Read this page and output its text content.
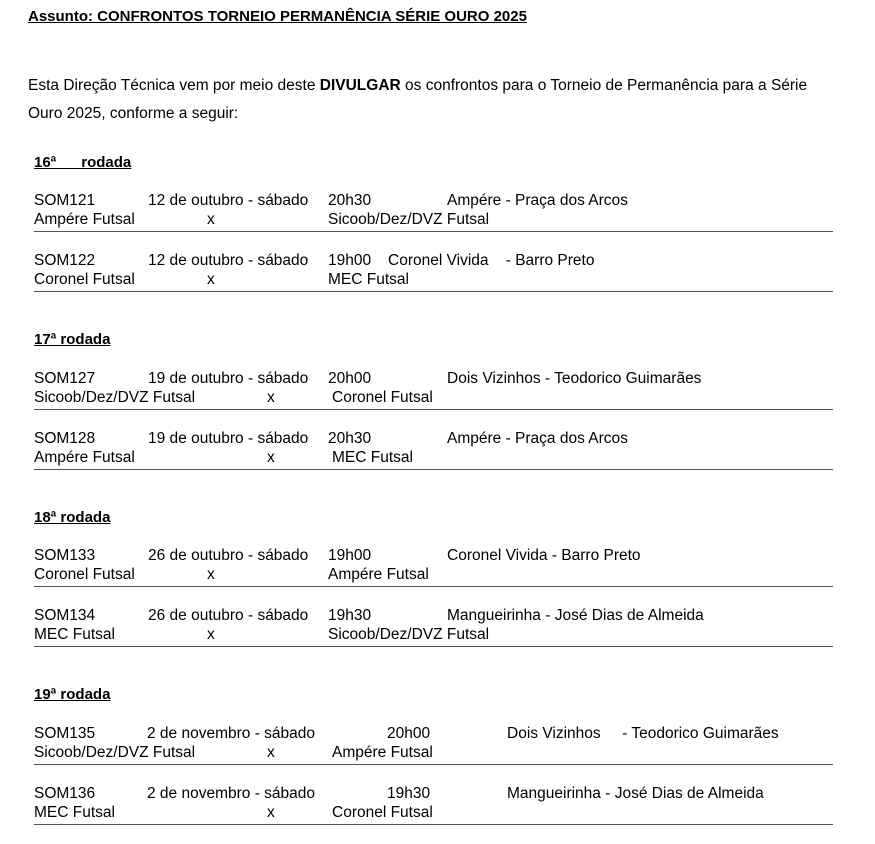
Assunto: CONFRONTOS TORNEIO PERMANÊNCIA SÉRIE OURO 2025
Esta Direção Técnica vem por meio deste DIVULGAR os confrontos para o Torneio de Permanência para a Série Ouro 2025, conforme a seguir:
16ª      rodada
SOM121	12 de outubro - sábado 20h30	Ampére - Praça dos Arcos
Ampére Futsal	x	Sicoob/Dez/DVZ Futsal
SOM122	12 de outubro - sábado 19h00 Coronel Vivida    - Barro Preto
Coronel Futsal	x	MEC Futsal
17ª rodada
SOM127	19 de outubro - sábado 20h00	Dois Vizinhos - Teodorico Guimarães
Sicoob/Dez/DVZ Futsal	x	Coronel Futsal
SOM128	19 de outubro - sábado 20h30	Ampére - Praça dos Arcos
Ampére Futsal	x	MEC Futsal
18ª rodada
SOM133	26 de outubro - sábado 19h00	Coronel Vivida - Barro Preto
Coronel Futsal	x	Ampére Futsal
SOM134	26 de outubro - sábado 19h30	Mangueirinha - José Dias de Almeida
MEC Futsal	x	Sicoob/Dez/DVZ Futsal
19ª rodada
SOM135	2 de novembro - sábado	20h00	Dois Vizinhos     - Teodorico Guimarães
Sicoob/Dez/DVZ Futsal	x	Ampére Futsal
SOM136	2 de novembro - sábado	19h30	Mangueirinha - José Dias de Almeida
MEC Futsal	x	Coronel Futsal
